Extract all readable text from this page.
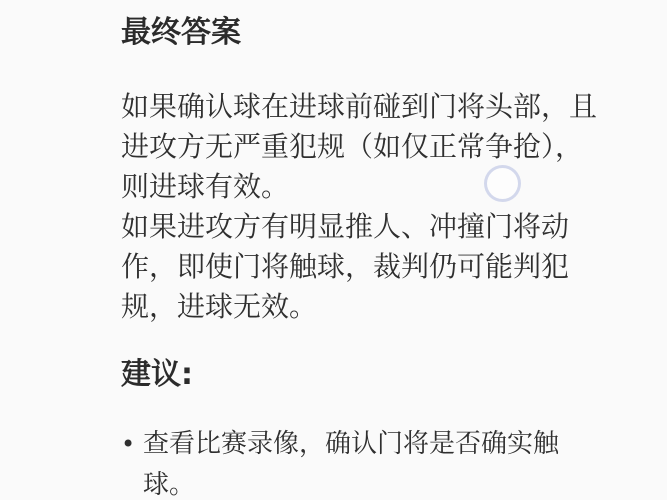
最终答案
如果确认球在进球前碰到门将头部，且
进攻方无严重犯规（如仅正常争抢），
则进球有效。
如果进攻方有明显推人、冲撞门将动
作，即使门将触球，裁判仍可能判犯
规，进球无效。
建议:
• 查看比赛录像，确认门将是否确实触
球。
